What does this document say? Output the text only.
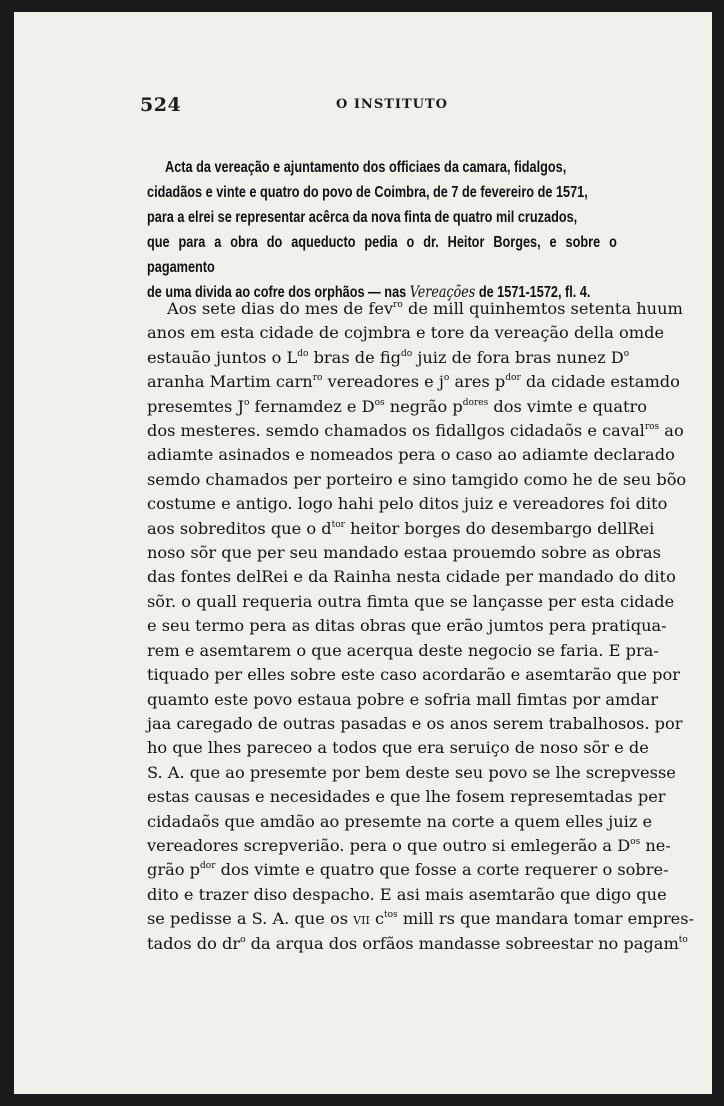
524	O INSTITUTO
Acta da vereação e ajuntamento dos officiaes da camara, fidalgos,
cidadãos e vinte e quatro do povo de Coimbra, de 7 de fevereiro de 1571,
para a elrei se representar acêrca da nova finta de quatro mil cruzados,
que para a obra do aqueducto pedia o dr. Heitor Borges, e sobre o pagamento
de uma divida ao cofre dos orphãos — nas Vereações de 1571-1572, fl. 4.
Aos sete dias do mes de fev$^{ro}$ de mill quinhemtos setenta huum
anos em esta cidade de cojmbra e tore da vereação della omde
estauão juntos o $L^{do}$ bras de fig$^{do}$ juiz de fora bras nunez $D^o$
aranha Martim carn$^{ro}$ vereadores e $j^o$ ares $p^{dor}$ da cidade estamdo
presemtes $J^o$ fernamdez e $D^{os}$ negrão $p^{dores}$ dos vimte e quatro
dos mesteres. semdo chamados os fidallgos cidadaõs e caval$^{ros}$ ao
adiamte asinados e nomeados pera o caso ao adiamte declarado
semdo chamados per porteiro e sino tamgido como he de seu bõo
costume e antigo. logo hahi pelo ditos juiz e vereadores foi dito
aos sobreditos que o $d^{tor}$ heitor borges do desembargo dellRei
noso sõr que per seu mandado estaa prouemdo sobre as obras
das fontes delRei e da Rainha nesta cidade per mandado do dito
sõr. o quall requeria outra fimta que se lançasse per esta cidade
e seu termo pera as ditas obras que erão jumtos pera pratiqua-
rem e asemtarem o que acerqua deste negocio se faria. E pra-
tiquado per elles sobre este caso acordarão e asemtarão que por
quamto este povo estaua pobre e sofria mall fimtas por amdar
jaa caregado de outras pasadas e os anos serem trabalhosos. por
ho que lhes pareceo a todos que era seruiço de noso sõr e de
S. A. que ao presemte por bem deste seu povo se lhe screpvesse
estas causas e necesidades e que lhe fosem represemtadas per
cidadaõs que amdão ao presemte na corte a quem elles juiz e
vereadores screpverião. pera o que outro si emlegerão a $D^{os}$ ne-
grão $p^{dor}$ dos vimte e quatro que fosse a corte requerer o sobre-
dito e trazer diso despacho. E asi mais asemtarão que digo que
se pedisse a S. A. que os vii $c^{tos}$ mill rs que mandara tomar empres-
tados do $dr^o$ da arqua dos orfãos mandasse sobreestar no pagam$^{to}$
